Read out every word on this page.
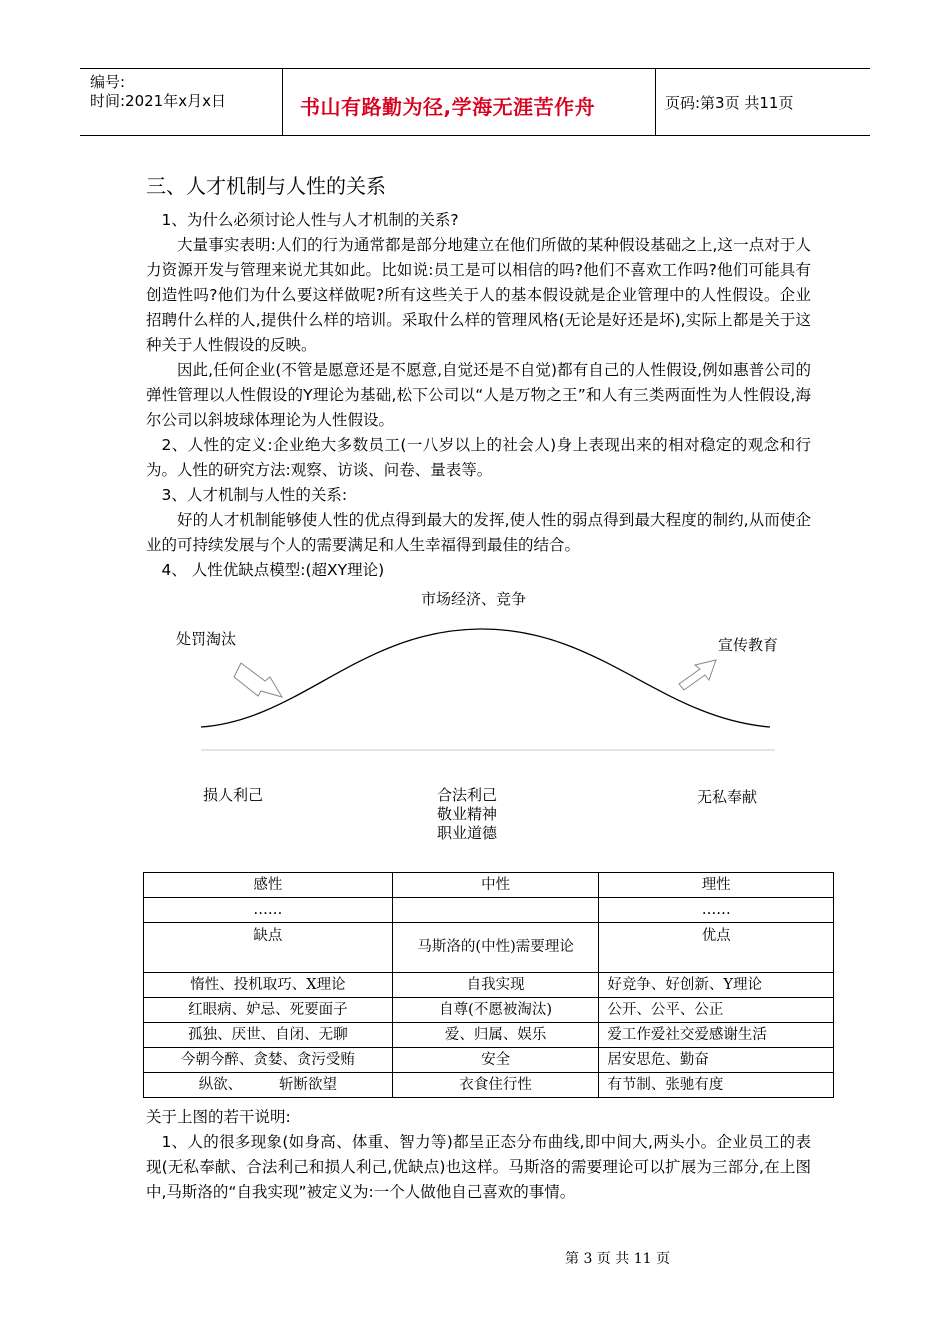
编号:
时间:2021年x月x日	书山有路勤为径,学海无涯苦作舟	页码:第3页 共11页
三、人才机制与人性的关系
1、为什么必须讨论人性与人才机制的关系?
大量事实表明:人们的行为通常都是部分地建立在他们所做的某种假设基础之上,这一点对于人力资源开发与管理来说尤其如此。比如说:员工是可以相信的吗?他们不喜欢工作吗?他们可能具有创造性吗?他们为什么要这样做呢?所有这些关于人的基本假设就是企业管理中的人性假设。企业招聘什么样的人,提供什么样的培训。采取什么样的管理风格(无论是好还是坏),实际上都是关于这种关于人性假设的反映。
因此,任何企业(不管是愿意还是不愿意,自觉还是不自觉)都有自己的人性假设,例如惠普公司的弹性管理以人性假设的Y理论为基础,松下公司以“人是万物之王”和人有三类两面性为人性假设,海尔公司以斜坡球体理论为人性假设。
2、人性的定义:企业绝大多数员工(一八岁以上的社会人)身上表现出来的相对稳定的观念和行为。人性的研究方法:观察、访谈、问卷、量表等。
3、人才机制与人性的关系:
好的人才机制能够使人性的优点得到最大的发挥,使人性的弱点得到最大程度的制约,从而使企业的可持续发展与个人的需要满足和人生幸福得到最佳的结合。
4、 人性优缺点模型:(超XY理论)
市场经济、竞争
处罚淘汰	宣传教育
损人利己	合法利己
敬业精神
职业道德
无私奉献
感性	中性	理性
……		……
缺点	马斯洛的(中性)需要理论	优点
惰性、投机取巧、X理论	自我实现	好竞争、好创新、Y理论
红眼病、妒忌、死要面子	自尊(不愿被淘汰)	公开、公平、公正
孤独、厌世、自闭、无聊	爱、归属、娱乐	爱工作爱社交爱感谢生活
今朝今醉、贪婪、贪污受贿	安全	居安思危、勤奋
纵欲、        斩断欲望	衣食住行性	有节制、张驰有度
关于上图的若干说明:
1、人的很多现象(如身高、体重、智力等)都呈正态分布曲线,即中间大,两头小。企业员工的表现(无私奉献、合法利己和损人利己,优缺点)也这样。马斯洛的需要理论可以扩展为三部分,在上图中,马斯洛的“自我实现”被定义为:一个人做他自己喜欢的事情。
第 3 页 共 11 页
